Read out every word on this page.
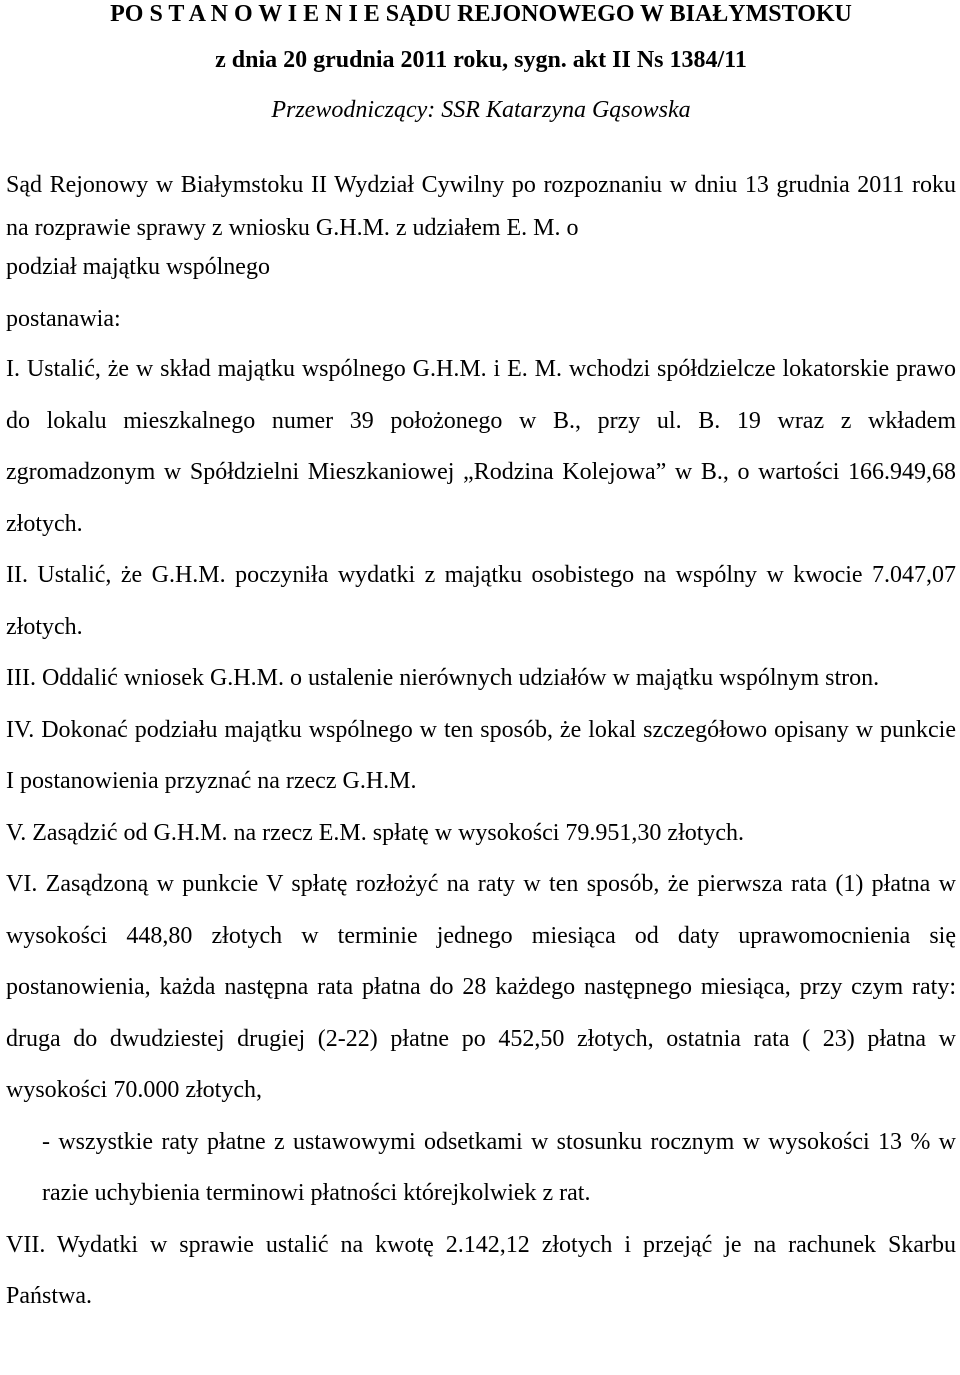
PO S T A N O W I E N I E SĄDU REJONOWEGO W BIAŁYMSTOKU

z dnia 20 grudnia 2011 roku, sygn. akt II Ns 1384/11

Przewodniczący: SSR Katarzyna Gąsowska

Sąd Rejonowy w Białymstoku II Wydział Cywilny po rozpoznaniu w dniu 13 grudnia 2011 roku na rozprawie sprawy z wniosku G.H.M. z udziałem E. M. o

podział majątku wspólnego

postanawia:

I. Ustalić, że w skład majątku wspólnego G.H.M. i E. M. wchodzi spółdzielcze lokatorskie prawo do lokalu mieszkalnego numer 39 położonego w B., przy ul. B. 19 wraz z wkładem zgromadzonym w Spółdzielni Mieszkaniowej „Rodzina Kolejowa” w B., o wartości 166.949,68 złotych.

II. Ustalić, że G.H.M. poczyniła wydatki z majątku osobistego na wspólny w kwocie 7.047,07 złotych.

III. Oddalić wniosek G.H.M. o ustalenie nierównych udziałów w majątku wspólnym stron.

IV. Dokonać podziału majątku wspólnego w ten sposób, że lokal szczegółowo opisany w punkcie I postanowienia przyznać na rzecz G.H.M.

V. Zasądzić od G.H.M. na rzecz E.M. spłatę w wysokości 79.951,30 złotych.

VI. Zasądzoną w punkcie V spłatę rozłożyć na raty w ten sposób, że pierwsza rata (1) płatna w wysokości 448,80 złotych w terminie jednego miesiąca od daty uprawomocnienia się postanowienia, każda następna rata płatna do 28 każdego następnego miesiąca, przy czym raty: druga do dwudziestej drugiej (2-22) płatne po 452,50 złotych, ostatnia rata ( 23) płatna w wysokości 70.000 złotych,

- wszystkie raty płatne z ustawowymi odsetkami w stosunku rocznym w wysokości 13 % w razie uchybienia terminowi płatności którejkolwiek z rat.

VII. Wydatki w sprawie ustalić na kwotę 2.142,12 złotych i przejąć je na rachunek Skarbu Państwa.
